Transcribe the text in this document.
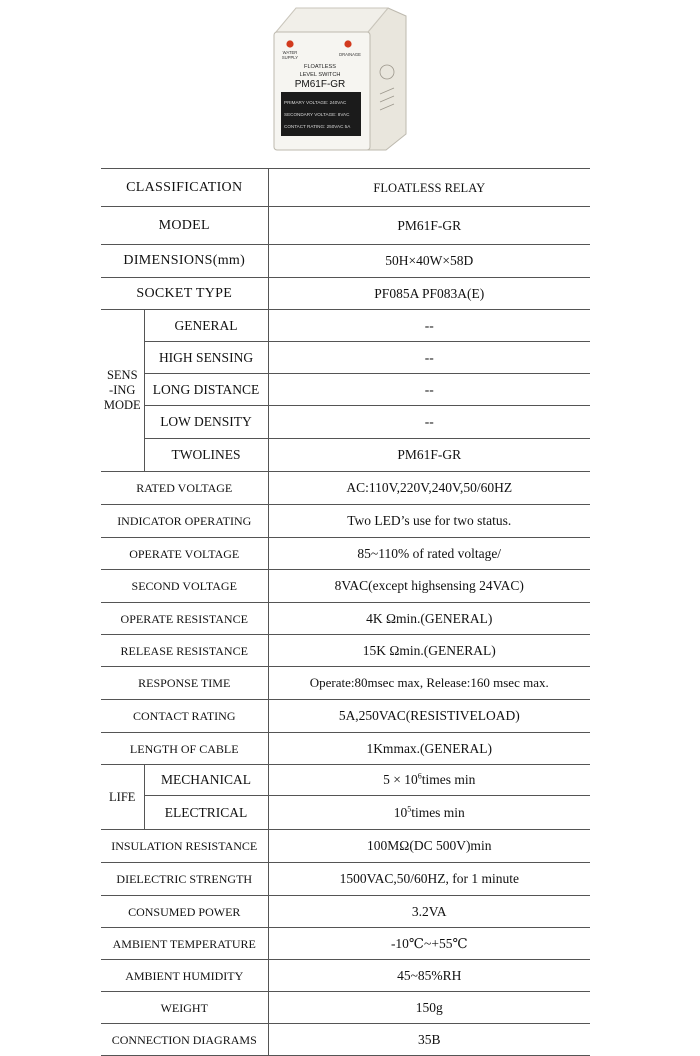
WATER
SUPPLY
DRAINAGE
FLOATLESS
LEVEL SWITCH
PM61F-GR
PRIMARY VOLTAGE: 240VAC
SECONDARY VOLTAGE: 8VAC
CONTACT RATING: 250VAC 5A
CLASSIFICATION		FLOATLESS RELAY
MODEL		PM61F-GR
DIMENSIONS(mm)		50H×40W×58D
SOCKET TYPE		PF085A PF083A(E)
SENS
-ING
MODE	GENERAL	--
	HIGH SENSING	--
	LONG DISTANCE	--
	LOW DENSITY	--
	TWOLINES	PM61F-GR
RATED VOLTAGE		AC:110V,220V,240V,50/60HZ
INDICATOR OPERATING		Two LED’s use for two status.
OPERATE VOLTAGE		85~110% of rated voltage/
SECOND VOLTAGE		8VAC(except highsensing 24VAC)
OPERATE RESISTANCE		4K Ωmin.(GENERAL)
RELEASE RESISTANCE		15K Ωmin.(GENERAL)
RESPONSE TIME		Operate:80msec max, Release:160 msec max.
CONTACT RATING		5A,250VAC(RESISTIVELOAD)
LENGTH OF CABLE		1Kmmax.(GENERAL)
LIFE	MECHANICAL	$5 \times 10^6times$ min
	ELECTRICAL	$10^5times$ min
INSULATION RESISTANCE		100MΩ(DC 500V)min
DIELECTRIC STRENGTH		1500VAC,50/60HZ, for 1 minute
CONSUMED POWER		3.2VA
AMBIENT TEMPERATURE		-10℃~+55℃
AMBIENT HUMIDITY		45~85%RH
WEIGHT		150g
CONNECTION DIAGRAMS		35B
